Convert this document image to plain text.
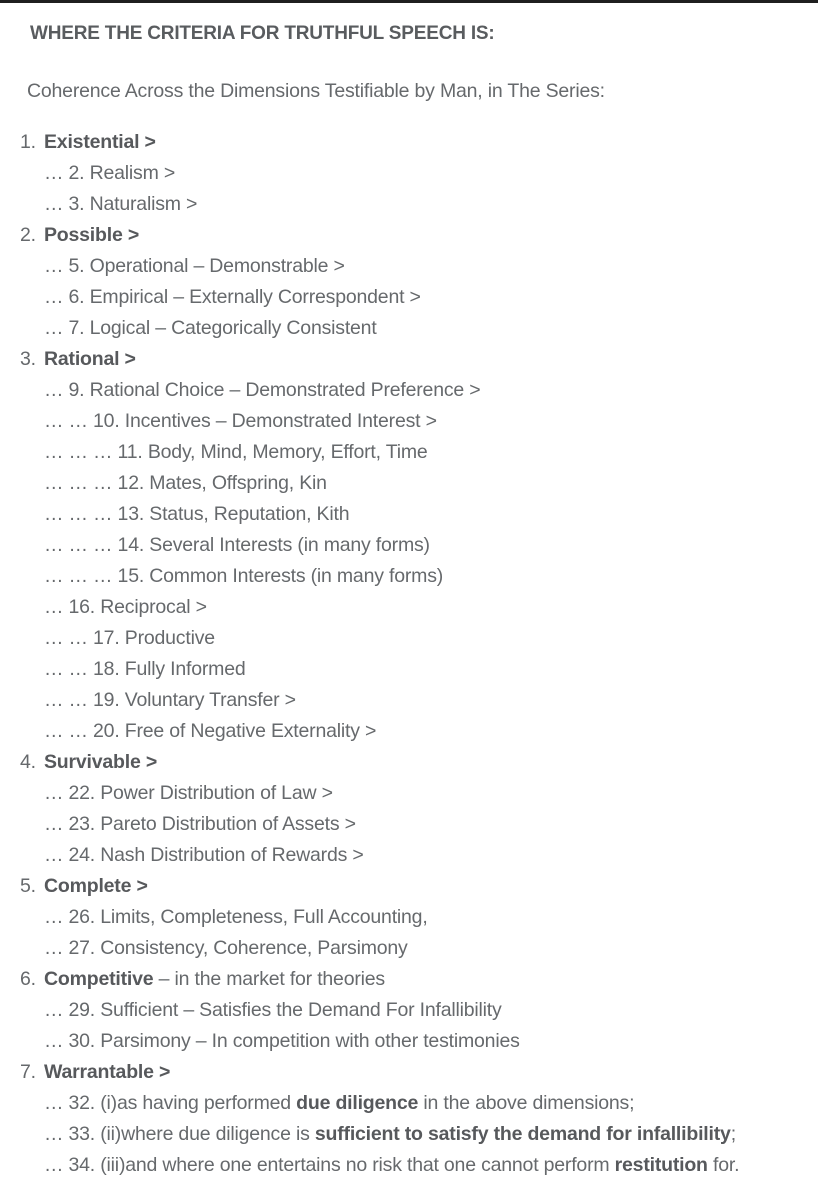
WHERE THE CRITERIA FOR TRUTHFUL SPEECH IS:

Coherence Across the Dimensions Testifiable by Man, in The Series:

1. Existential >
… 2. Realism >
… 3. Naturalism >
2. Possible >
… 5. Operational – Demonstrable >
… 6. Empirical – Externally Correspondent >
… 7. Logical – Categorically Consistent
3. Rational >
… 9. Rational Choice – Demonstrated Preference >
… … 10. Incentives – Demonstrated Interest >
… … … 11. Body, Mind, Memory, Effort, Time
… … … 12. Mates, Offspring, Kin
… … … 13. Status, Reputation, Kith
… … … 14. Several Interests (in many forms)
… … … 15. Common Interests (in many forms)
… 16. Reciprocal >
… … 17. Productive
… … 18. Fully Informed
… … 19. Voluntary Transfer >
… … 20. Free of Negative Externality >
4. Survivable >
… 22. Power Distribution of Law >
… 23. Pareto Distribution of Assets >
… 24. Nash Distribution of Rewards >
5. Complete >
… 26. Limits, Completeness, Full Accounting,
… 27. Consistency, Coherence, Parsimony
6. Competitive – in the market for theories
… 29. Sufficient – Satisfies the Demand For Infallibility
… 30. Parsimony – In competition with other testimonies
7. Warrantable >
… 32. (i)as having performed due diligence in the above dimensions;
… 33. (ii)where due diligence is sufficient to satisfy the demand for infallibility;
… 34. (iii)and where one entertains no risk that one cannot perform restitution for.
